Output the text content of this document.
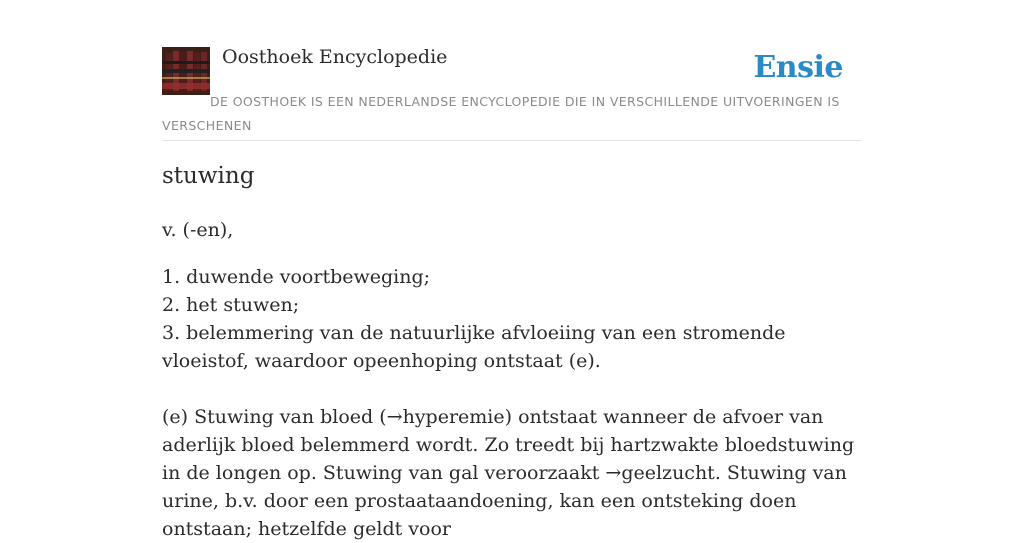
Oosthoek Encyclopedie	Ensie
DE OOSTHOEK IS EEN NEDERLANDSE ENCYCLOPEDIE DIE IN VERSCHILLENDE UITVOERINGEN IS VERSCHENEN
stuwing

v. (-en),

1. duwende voortbeweging;

2. het stuwen;

3. belemmering van de natuurlijke afvloeiing van een stromende vloeistof, waardoor opeenhoping ontstaat (e).

(e) Stuwing van bloed (→hyperemie) ontstaat wanneer de afvoer van aderlijk bloed belemmerd wordt. Zo treedt bij hartzwakte bloedstuwing in de longen op. Stuwing van gal veroorzaakt →geelzucht. Stuwing van urine, b.v. door een prostaataandoening, kan een ontsteking doen ontstaan; hetzelfde geldt voor
